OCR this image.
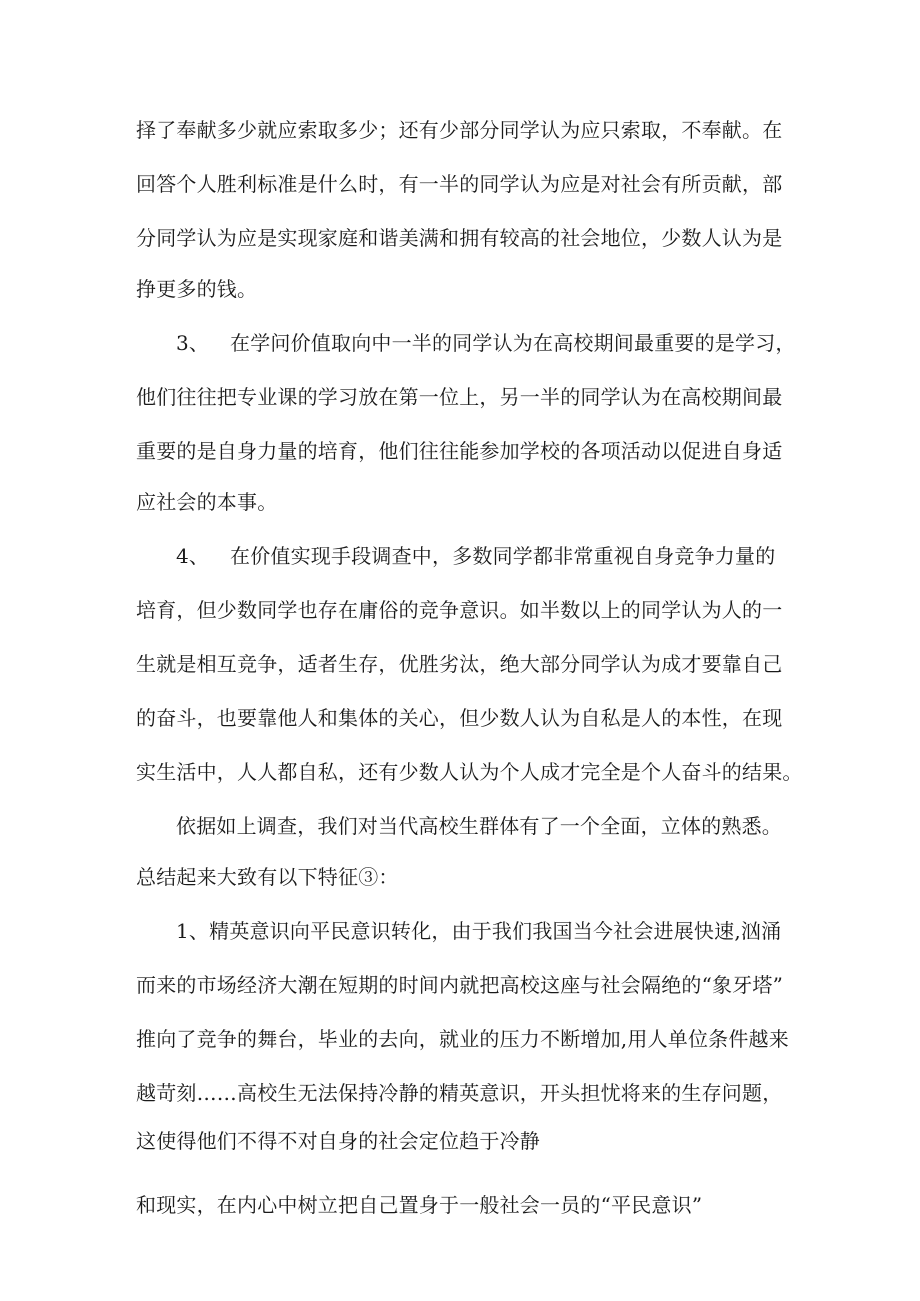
择了奉献多少就应索取多少；还有少部分同学认为应只索取，不奉献。在
回答个人胜利标准是什么时，有一半的同学认为应是对社会有所贡献，部
分同学认为应是实现家庭和谐美满和拥有较高的社会地位，少数人认为是
挣更多的钱。
3、 在学问价值取向中一半的同学认为在高校期间最重要的是学习，
他们往往把专业课的学习放在第一位上，另一半的同学认为在高校期间最
重要的是自身力量的培育，他们往往能参加学校的各项活动以促进自身适
应社会的本事。
4、 在价值实现手段调查中，多数同学都非常重视自身竞争力量的
培育，但少数同学也存在庸俗的竞争意识。如半数以上的同学认为人的一
生就是相互竞争，适者生存，优胜劣汰，绝大部分同学认为成才要靠自己
的奋斗，也要靠他人和集体的关心，但少数人认为自私是人的本性，在现
实生活中，人人都自私，还有少数人认为个人成才完全是个人奋斗的结果。
依据如上调查，我们对当代高校生群体有了一个全面，立体的熟悉。
总结起来大致有以下特征③：
1、精英意识向平民意识转化，由于我们我国当今社会进展快速,汹涌
而来的市场经济大潮在短期的时间内就把高校这座与社会隔绝的“象牙塔”
推向了竞争的舞台，毕业的去向，就业的压力不断增加,用人单位条件越来
越苛刻……高校生无法保持冷静的精英意识，开头担忧将来的生存问题，
这使得他们不得不对自身的社会定位趋于冷静
和现实，在内心中树立把自己置身于一般社会一员的“平民意识”
